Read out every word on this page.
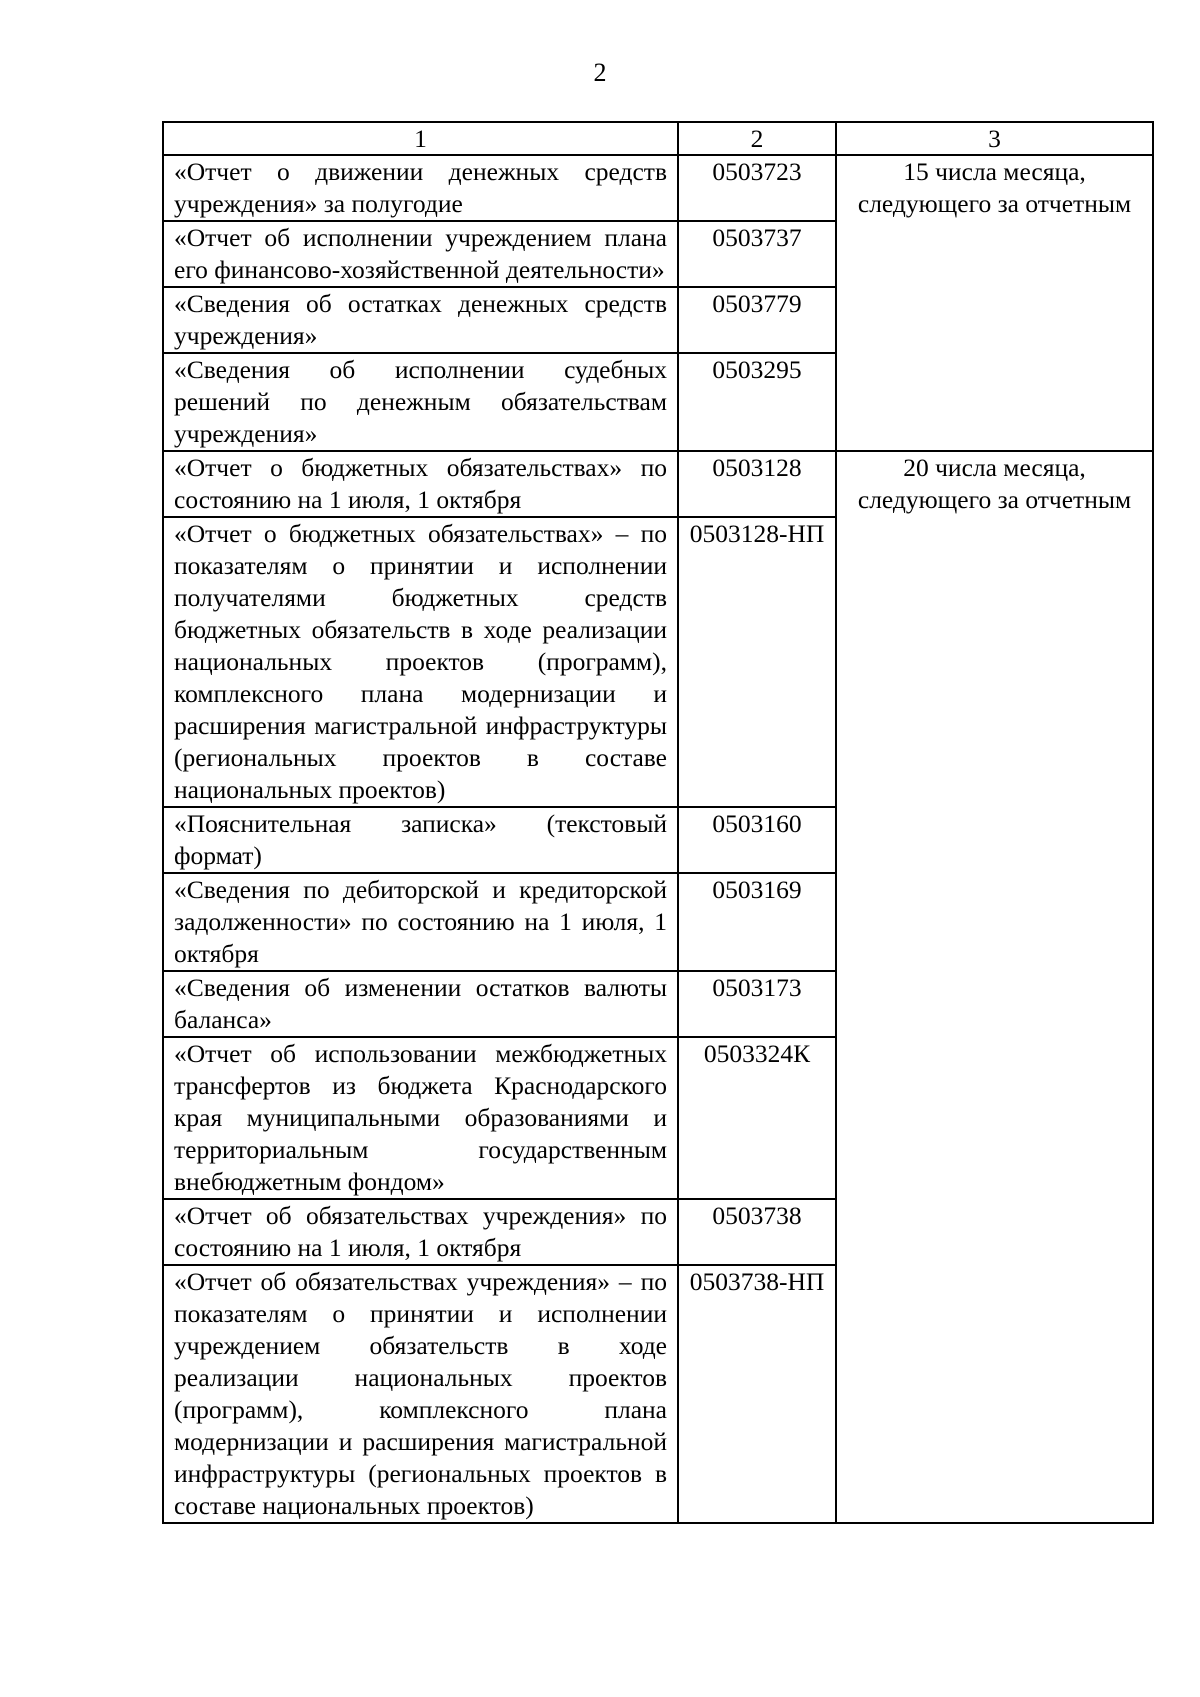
2
1	2	3
«Отчет о движении денежных средств учреждения» за полугодие	0503723	15 числа месяца, следующего за отчетным
«Отчет об исполнении учреждением плана его финансово-хозяйственной деятельности»	0503737	
«Сведения об остатках денежных средств учреждения»	0503779	
«Сведения об исполнении судебных решений по денежным обязательствам учреждения»	0503295	
«Отчет о бюджетных обязательствах» по состоянию на 1 июля, 1 октября	0503128	20 числа месяца, следующего за отчетным
«Отчет о бюджетных обязательствах» – по показателям о принятии и исполнении получателями бюджетных средств бюджетных обязательств в ходе реализации национальных проектов (программ), комплексного плана модернизации и расширения магистральной инфраструктуры (региональных проектов в составе национальных проектов)	0503128-НП	
«Пояснительная записка» (текстовый формат)	0503160	
«Сведения по дебиторской и кредиторской задолженности» по состоянию на 1 июля, 1 октября	0503169	
«Сведения об изменении остатков валюты баланса»	0503173	
«Отчет об использовании межбюджетных трансфертов из бюджета Краснодарского края муниципальными образованиями и территориальным государственным внебюджетным фондом»	0503324К	
«Отчет об обязательствах учреждения» по состоянию на 1 июля, 1 октября	0503738	
«Отчет об обязательствах учреждения» – по показателям о принятии и исполнении учреждением обязательств в ходе реализации национальных проектов (программ), комплексного плана модернизации и расширения магистральной инфраструктуры (региональных проектов в составе национальных проектов)	0503738-НП	
